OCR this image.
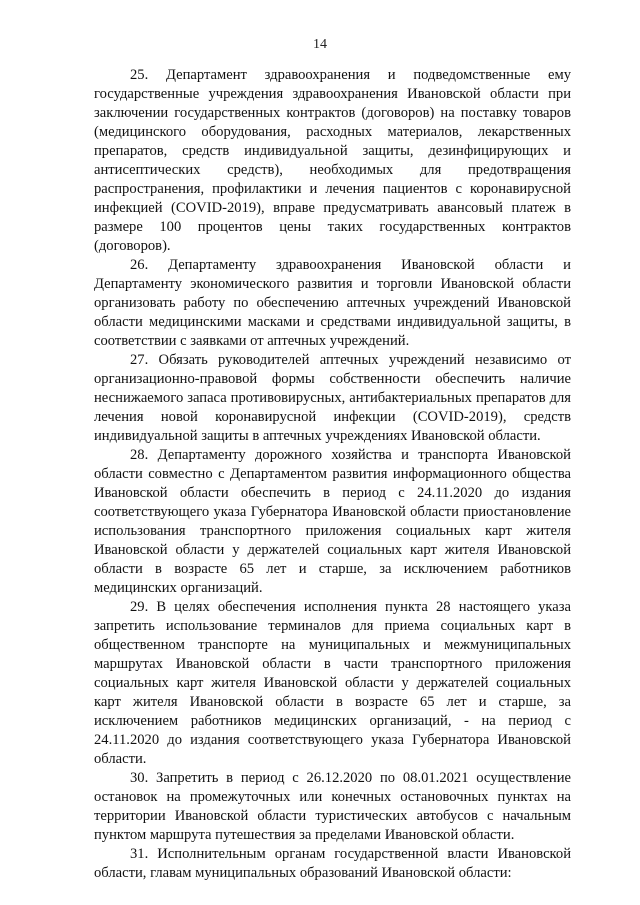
14

25. Департамент здравоохранения и подведомственные ему государственные учреждения здравоохранения Ивановской области при заключении государственных контрактов (договоров) на поставку товаров (медицинского оборудования, расходных материалов, лекарственных препаратов, средств индивидуальной защиты, дезинфицирующих и антисептических средств), необходимых для предотвращения распространения, профилактики и лечения пациентов с коронавирусной инфекцией (COVID-2019), вправе предусматривать авансовый платеж в размере 100 процентов цены таких государственных контрактов (договоров).

26. Департаменту здравоохранения Ивановской области и Департаменту экономического развития и торговли Ивановской области организовать работу по обеспечению аптечных учреждений Ивановской области медицинскими масками и средствами индивидуальной защиты, в соответствии с заявками от аптечных учреждений.

27. Обязать руководителей аптечных учреждений независимо от организационно-правовой формы собственности обеспечить наличие неснижаемого запаса противовирусных, антибактериальных препаратов для лечения новой коронавирусной инфекции (COVID-2019), средств индивидуальной защиты в аптечных учреждениях Ивановской области.

28. Департаменту дорожного хозяйства и транспорта Ивановской области совместно с Департаментом развития информационного общества Ивановской области обеспечить в период с 24.11.2020 до издания соответствующего указа Губернатора Ивановской области приостановление использования транспортного приложения социальных карт жителя Ивановской области у держателей социальных карт жителя Ивановской области в возрасте 65 лет и старше, за исключением работников медицинских организаций.

29. В целях обеспечения исполнения пункта 28 настоящего указа запретить использование терминалов для приема социальных карт в общественном транспорте на муниципальных и межмуниципальных маршрутах Ивановской области в части транспортного приложения социальных карт жителя Ивановской области у держателей социальных карт жителя Ивановской области в возрасте 65 лет и старше, за исключением работников медицинских организаций, - на период с 24.11.2020 до издания соответствующего указа Губернатора Ивановской области.

30. Запретить в период с 26.12.2020 по 08.01.2021 осуществление остановок на промежуточных или конечных остановочных пунктах на территории Ивановской области туристических автобусов с начальным пунктом маршрута путешествия за пределами Ивановской области.

31. Исполнительным органам государственной власти Ивановской области, главам муниципальных образований Ивановской области:
